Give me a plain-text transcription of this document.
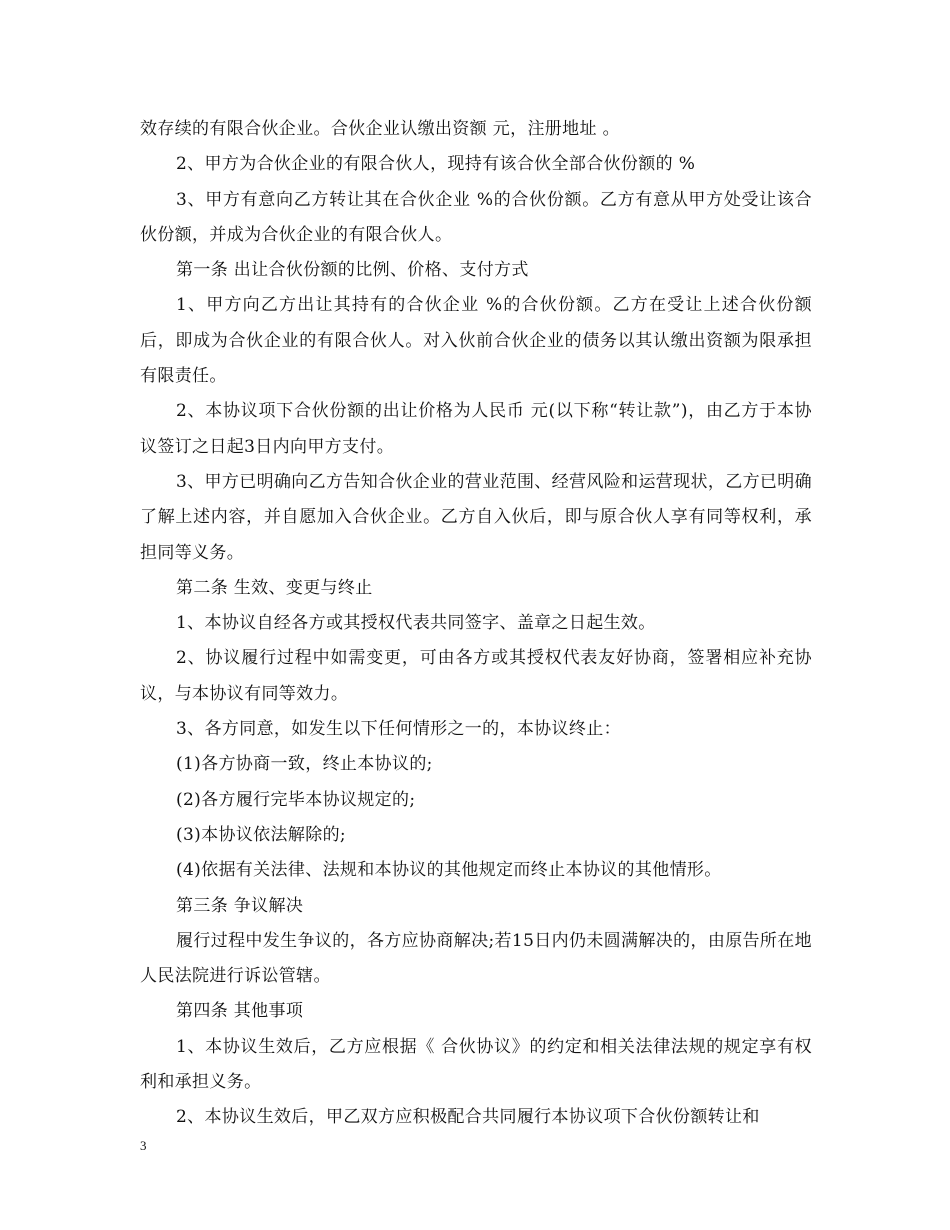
效存续的有限合伙企业。合伙企业认缴出资额 元，注册地址 。

2、甲方为合伙企业的有限合伙人，现持有该合伙全部合伙份额的 %

3、甲方有意向乙方转让其在合伙企业 %的合伙份额。乙方有意从甲方处受让该合伙份额，并成为合伙企业的有限合伙人。

第一条 出让合伙份额的比例、价格、支付方式

1、甲方向乙方出让其持有的合伙企业 %的合伙份额。乙方在受让上述合伙份额后，即成为合伙企业的有限合伙人。对入伙前合伙企业的债务以其认缴出资额为限承担有限责任。

2、本协议项下合伙份额的出让价格为人民币 元(以下称“转让款”)，由乙方于本协议签订之日起3日内向甲方支付。

3、甲方已明确向乙方告知合伙企业的营业范围、经营风险和运营现状，乙方已明确了解上述内容，并自愿加入合伙企业。乙方自入伙后，即与原合伙人享有同等权利，承担同等义务。

第二条 生效、变更与终止

1、本协议自经各方或其授权代表共同签字、盖章之日起生效。

2、协议履行过程中如需变更，可由各方或其授权代表友好协商，签署相应补充协议，与本协议有同等效力。

3、各方同意，如发生以下任何情形之一的，本协议终止：

(1)各方协商一致，终止本协议的;

(2)各方履行完毕本协议规定的;

(3)本协议依法解除的;

(4)依据有关法律、法规和本协议的其他规定而终止本协议的其他情形。

第三条 争议解决

履行过程中发生争议的，各方应协商解决;若15日内仍未圆满解决的，由原告所在地人民法院进行诉讼管辖。

第四条 其他事项

1、本协议生效后，乙方应根据《 合伙协议》的约定和相关法律法规的规定享有权利和承担义务。

2、本协议生效后，甲乙双方应积极配合共同履行本协议项下合伙份额转让和

3
